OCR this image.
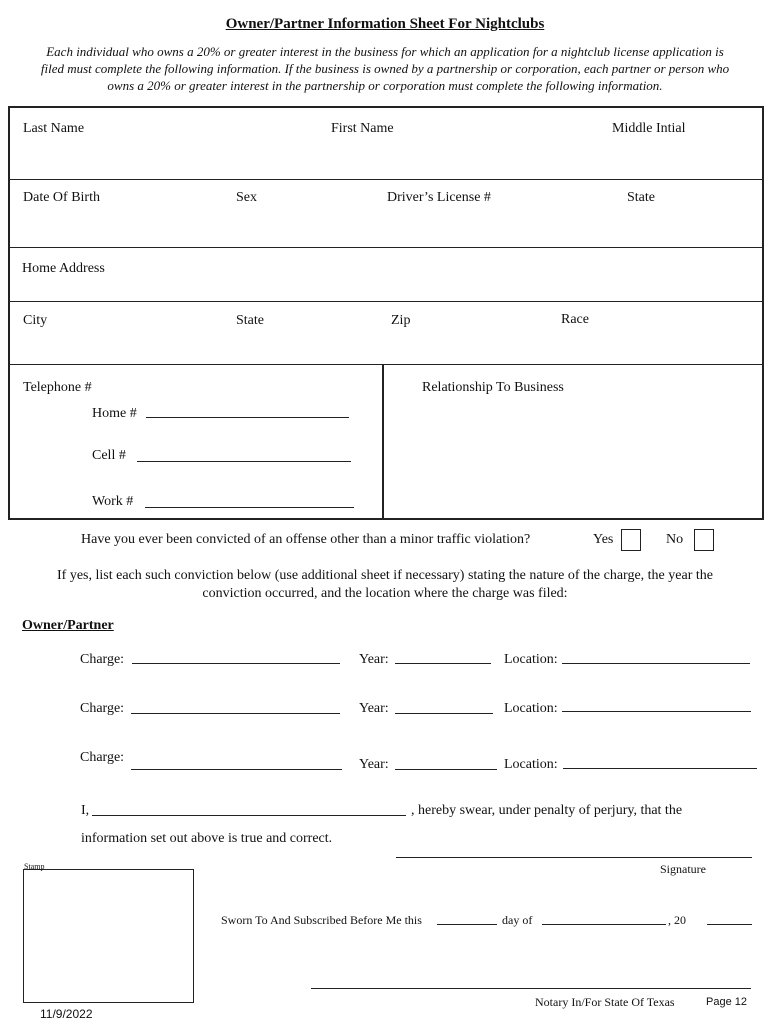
Owner/Partner Information Sheet For Nightclubs
Each individual who owns a 20% or greater interest in the business for which an application for a nightclub license application is
filed must complete the following information. If the business is owned by a partnership or corporation, each partner or person who
owns a 20% or greater interest in the partnership or corporation must complete the following information.
Last Name	First Name	Middle Intial
Date Of Birth	Sex	Driver’s License #	State
Home Address
City	State	Zip	Race
Telephone #
Home #
Cell #
Work #
Relationship To Business
Have you ever been convicted of an offense other than a minor traffic violation?	Yes	No
If yes, list each such conviction below (use additional sheet if necessary) stating the nature of the charge, the year the
conviction occurred, and the location where the charge was filed:
Owner/Partner
Charge:	Year:	Location:
Charge:	Year:	Location:
Charge:	Year:	Location:
I,	, hereby swear, under penalty of perjury, that the
information set out above is true and correct.
Signature
Stamp
Sworn To And Subscribed Before Me this	day of	, 20
Notary In/For State Of Texas	Page 12
11/9/2022
